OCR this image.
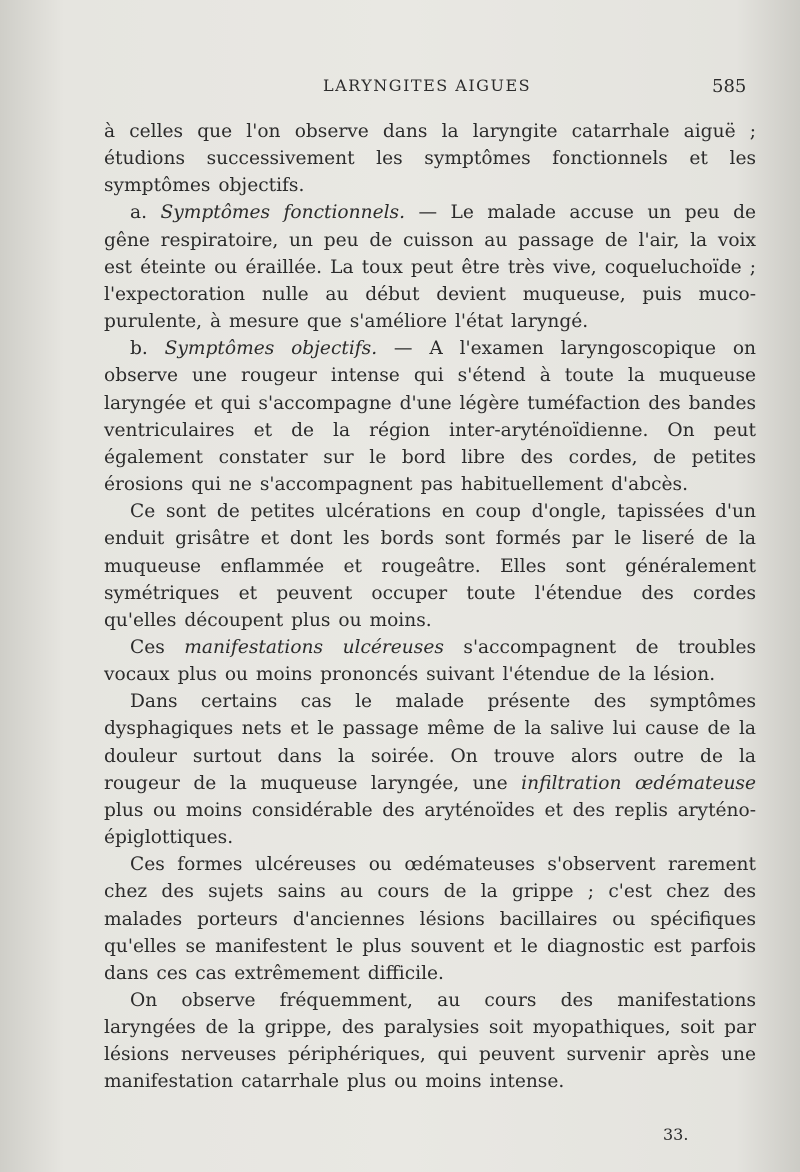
LARYNGITES AIGUES	585

à celles que l'on observe dans la laryngite catarrhale aiguë ; étudions successivement les symptômes fonctionnels et les symptômes objectifs.

a. Symptômes fonctionnels. — Le malade accuse un peu de gêne respiratoire, un peu de cuisson au passage de l'air, la voix est éteinte ou éraillée. La toux peut être très vive, coqueluchoïde ; l'expectoration nulle au début devient muqueuse, puis muco-purulente, à mesure que s'améliore l'état laryngé.

b. Symptômes objectifs. — A l'examen laryngoscopique on observe une rougeur intense qui s'étend à toute la muqueuse laryngée et qui s'accompagne d'une légère tuméfaction des bandes ventriculaires et de la région inter-aryténoïdienne. On peut également constater sur le bord libre des cordes, de petites érosions qui ne s'accompagnent pas habituellement d'abcès.

Ce sont de petites ulcérations en coup d'ongle, tapissées d'un enduit grisâtre et dont les bords sont formés par le liseré de la muqueuse enflammée et rougeâtre. Elles sont généralement symétriques et peuvent occuper toute l'étendue des cordes qu'elles découpent plus ou moins.

Ces manifestations ulcéreuses s'accompagnent de troubles vocaux plus ou moins prononcés suivant l'étendue de la lésion.

Dans certains cas le malade présente des symptômes dysphagiques nets et le passage même de la salive lui cause de la douleur surtout dans la soirée. On trouve alors outre de la rougeur de la muqueuse laryngée, une infiltration œdémateuse plus ou moins considérable des aryténoïdes et des replis aryténo-épiglottiques.

Ces formes ulcéreuses ou œdémateuses s'observent rarement chez des sujets sains au cours de la grippe ; c'est chez des malades porteurs d'anciennes lésions bacillaires ou spécifiques qu'elles se manifestent le plus souvent et le diagnostic est parfois dans ces cas extrêmement difficile.

On observe fréquemment, au cours des manifestations laryngées de la grippe, des paralysies soit myopathiques, soit par lésions nerveuses périphériques, qui peuvent survenir après une manifestation catarrhale plus ou moins intense.

33.
